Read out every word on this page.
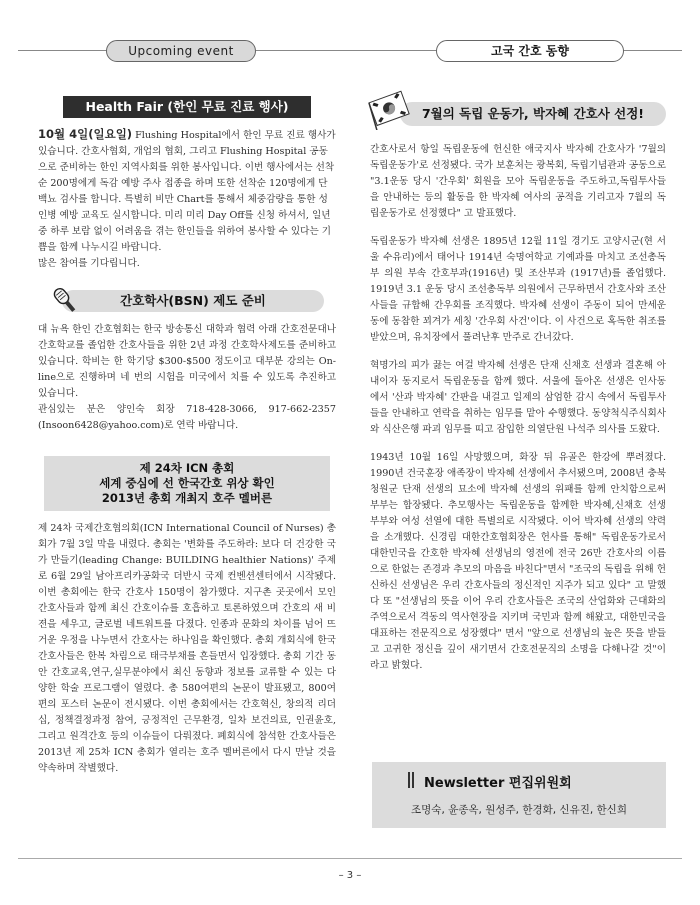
Upcoming event	고국 간호 동향
Health Fair (한인 무료 진료 행사)

10월 4일(일요일) Flushing Hospital에서 한인 무료 진료 행사가 있습니다. 간호사협회, 개업의 협회, 그리고 Flushing Hospital 공동으로 준비하는 한인 지역사회를 위한 봉사입니다. 이번 행사에서는 선착순 200명에게 독감 예방 주사 접종을 하며 또한 선착순 120명에게 단백뇨 검사를 합니다. 특별히 비만 Chart를 통해서 체중감량을 통한 성인병 예방 교육도 실시합니다. 미리 미리 Day Off를 신청 하셔서, 일년 중 하루 보람 없이 어려움을 겪는 한인들을 위하여 봉사할 수 있다는 기쁨을 함께 나누시길 바랍니다.

많은 참여를 기다립니다.

간호학사(BSN) 제도 준비

대 뉴욕 한인 간호협회는 한국 방송통신 대학과 협력 아래 간호전문대나 간호학교를 졸업한 간호사들을 위한 2년 과정 간호학사제도를 준비하고 있습니다. 학비는 한 학기당 $300-$500 정도이고 대부분 강의는 On-line으로 진행하며 네 번의 시험을 미국에서 치를 수 있도록 추진하고 있습니다.

관심있는 분은 양인숙 회장 718-428-3066, 917-662-2357 (Insoon6428@yahoo.com)로 연락 바랍니다.

제 24차 ICN 총회
세계 중심에 선 한국간호 위상 확인
2013년 총회 개최지 호주 멜버른

제 24차 국제간호협의회(ICN International Council of Nurses) 총회가 7월 3일 막을 내렸다. 총회는 '변화를 주도하라: 보다 더 건강한 국가 만들기(leading Change: BUILDING healthier Nations)' 주제로 6월 29일 남아프리카공화국 더반시 국제 컨벤션센터에서 시작됐다. 이번 총회에는 한국 간호사 150명이 참가했다. 지구촌 곳곳에서 모인 간호사들과 함께 최신 간호이슈를 호흡하고 토론하였으며 간호의 새 비젼을 세우고, 글로벌 네트워트를 다졌다. 인종과 문화의 차이를 넘어 뜨거운 우정을 나누면서 간호사는 하나임을 확인했다. 총회 개회식에 한국 간호사들은 한복 차림으로 태극부채를 흔들면서 입장했다. 총회 기간 동안 간호교육,연구,실무분야에서 최신 동향과 정보를 교류할 수 있는 다양한 학술 프로그램이 열렸다. 총 580여편의 논문이 발표됐고, 800여편의 포스터 논문이 전시됐다. 이번 총회에서는 간호혁신, 창의적 리더십, 정책결정과정 참여, 긍정적인 근무환경, 일차 보건의료, 인권윤호, 그리고 원격간호 등의 이슈들이 다뤄졌다. 폐회식에 참석한 간호사들은 2013년 제 25차 ICN 총회가 열리는 호주 멜버른에서 다시 만날 것을 약속하며 작별했다.

7월의 독립 운동가, 박자혜 간호사 선정!

간호사로서 항일 독립운동에 헌신한 애국지사 박자혜 간호사가 '7월의 독립운동가'로 선정됐다. 국가 보훈처는 광복회, 독립기념관과 공동으로 "3.1운동 당시 '간우회' 회원을 모아 독립운동을 주도하고,독립투사들을 안내하는 등의 활동을 한 박자혜 여사의 공적을 기리고자 7월의 독립운동가로 선정했다" 고 발표했다.

독립운동가 박자혜 선생은 1895년 12월 11일 경기도 고양시군(현 서울 수유리)에서 태어나 1914년 숙명여학교 기예과를 마치고 조선총독부 의원 부속 간호부과(1916년) 및 조산부과 (1917년)를 졸업했다. 1919년 3.1 운동 당시 조선총독부 의원에서 근무하면서 간호사와 조산사들을 규합해 간우회를 조직했다. 박자혜 선생이 주동이 되어 만세운동에 동참한 꾀겨가 세칭 '간우회 사건'이다. 이 사건으로 혹독한 취조를 받았으며, 유치장에서 풀려난후 만주로 간너갔다.

혁명가의 피가 끓는 여걸 박자혜 선생은 단재 신채호 선생과 결혼해 아내이자 동지로서 독립운동을 함께 했다. 서울에 돌아온 선생은 인사동에서 '산과 박자혜' 간판을 내걸고 일제의 삼엄한 감시 속에서 독립투사들을 안내하고 연락을 취하는 임무를 맡아 수행했다. 동양척식주식회사와 식산은행 파괴 임무를 띠고 잠입한 의열단원 나석주 의사를 도왔다.

1943년 10월 16일 사망했으며, 화장 뒤 유골은 한강에 뿌려졌다. 1990년 건국훈장 애족장이 박자혜 선생에서 추서됐으며, 2008년 충북 청원군 단재 선생의 묘소에 박자혜 선생의 위패를 함께 안치함으로써 부부는 합장됐다. 추모행사는 독립운동을 함께한 박자혜,신채호 선생 부부와 여성 선열에 대한 특별의로 시작됐다. 이어 박자혜 선생의 약력을 소개했다. 신경림 대한간호협회장은 헌사를 통해" 독립운동가로서 대한민국을 간호한 박자혜 선생님의 영전에 전국 26만 간호사의 이름으로 한없는 존경과 추모의 마음을 바친다"면서 "조국의 독립을 위해 헌신하신 선생님은 우리 간호사들의 정신적인 지주가 되고 있다" 고 말했다 또 "선생님의 뜻을 이어 우리 간호사들은 조국의 산업화와 근대화의 주역으로서 격동의 역사현장을 지키며 국민과 함께 해왔고, 대한민국을 대표하는 전문직으로 성장했다" 면서 "앞으로 선생님의 높은 뜻을 받들고 고귀한 정신을 깊이 새기면서 간호전문직의 소명을 다해나갈 것"이라고 밝혔다.

Newsletter 편집위원회
조명숙, 윤종옥, 원성주, 한경화, 신유진, 한신희
– 3 –
